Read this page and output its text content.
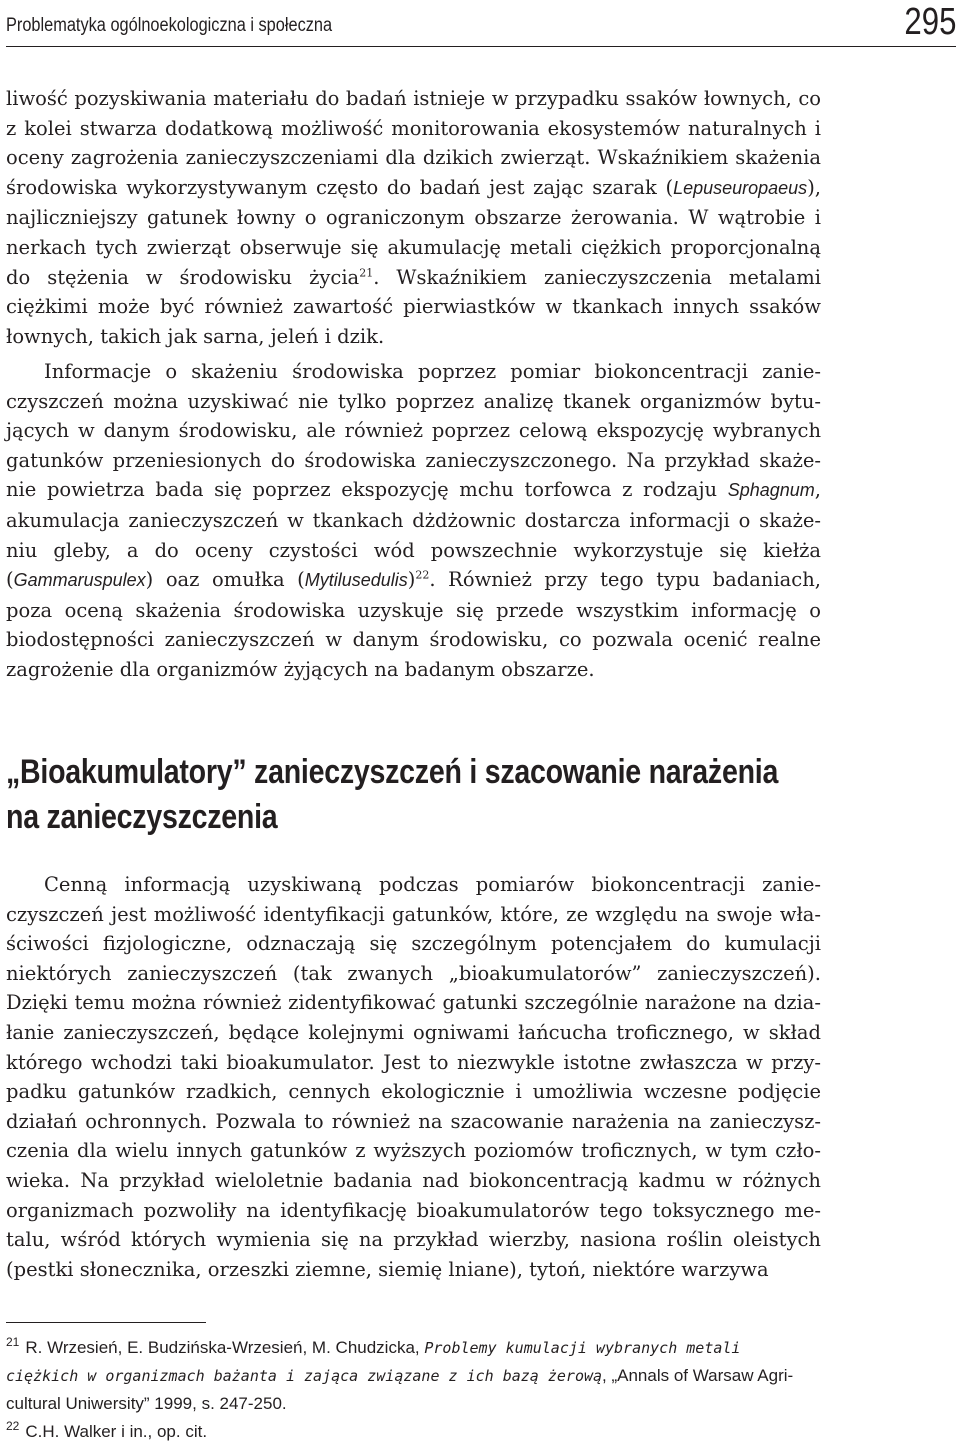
Problematyka ogólnoekologiczna i społeczna	295

liwość pozyskiwania materiału do badań istnieje w przypadku ssaków łownych, co z kolei stwarza dodatkową możliwość monitorowania ekosystemów naturalnych i oceny zagrożenia zanieczyszczeniami dla dzikich zwierząt. Wskaźnikiem skażenia środowiska wykorzystywanym często do badań jest zając szarak (Lepuseuropaeus), najliczniejszy gatunek łowny o ograniczonym obszarze żerowania. W wątrobie i nerkach tych zwierząt obserwuje się akumulację metali ciężkich proporcjonalną do stężenia w środowisku życia$^{21}$. Wskaźnikiem zanieczyszczenia metalami ciężkimi może być również zawartość pierwiastków w tkankach innych ssaków łownych, takich jak sarna, jeleń i dzik.

Informacje o skażeniu środowiska poprzez pomiar biokoncentracji zanieczyszczeń można uzyskiwać nie tylko poprzez analizę tkanek organizmów bytujących w danym środowisku, ale również poprzez celową ekspozycję wybranych gatunków przeniesionych do środowiska zanieczyszczonego. Na przykład skażenie powietrza bada się poprzez ekspozycję mchu torfowca z rodzaju Sphagnum, akumulacja zanieczyszczeń w tkankach dżdżownic dostarcza informacji o skażeniu gleby, a do oceny czystości wód powszechnie wykorzystuje się kiełża (Gammaruspulex) oaz omułka (Mytilusedulis)$^{22}$. Również przy tego typu badaniach, poza oceną skażenia środowiska uzyskuje się przede wszystkim informację o biodostępności zanieczyszczeń w danym środowisku, co pozwala ocenić realne zagrożenie dla organizmów żyjących na badanym obszarze.

„Bioakumulatory” zanieczyszczeń i szacowanie narażenia
na zanieczyszczenia

Cenną informacją uzyskiwaną podczas pomiarów biokoncentracji zanieczyszczeń jest możliwość identyfikacji gatunków, które, ze względu na swoje właściwości fizjologiczne, odznaczają się szczególnym potencjałem do kumulacji niektórych zanieczyszczeń (tak zwanych „bioakumulatorów” zanieczyszczeń). Dzięki temu można również zidentyfikować gatunki szczególnie narażone na działanie zanieczyszczeń, będące kolejnymi ogniwami łańcucha troficznego, w skład którego wchodzi taki bioakumulator. Jest to niezwykle istotne zwłaszcza w przypadku gatunków rzadkich, cennych ekologicznie i umożliwia wczesne podjęcie działań ochronnych. Pozwala to również na szacowanie narażenia na zanieczyszczenia dla wielu innych gatunków z wyższych poziomów troficznych, w tym człowieka. Na przykład wieloletnie badania nad biokoncentracją kadmu w różnych organizmach pozwoliły na identyfikację bioakumulatorów tego toksycznego metalu, wśród których wymienia się na przykład wierzby, nasiona roślin oleistych (pestki słonecznika, orzeszki ziemne, siemię lniane), tytoń, niektóre warzywa

$^{21}$ R. Wrzesień, E. Budzińska-Wrzesień, M. Chudzicka, Problemy kumulacji wybranych metali ciężkich w organizmach bażanta i zająca związane z ich bazą żerową, „Annals of Warsaw Agricultural Uniwersity” 1999, s. 247-250.

$^{22}$ C.H. Walker i in., op. cit.
